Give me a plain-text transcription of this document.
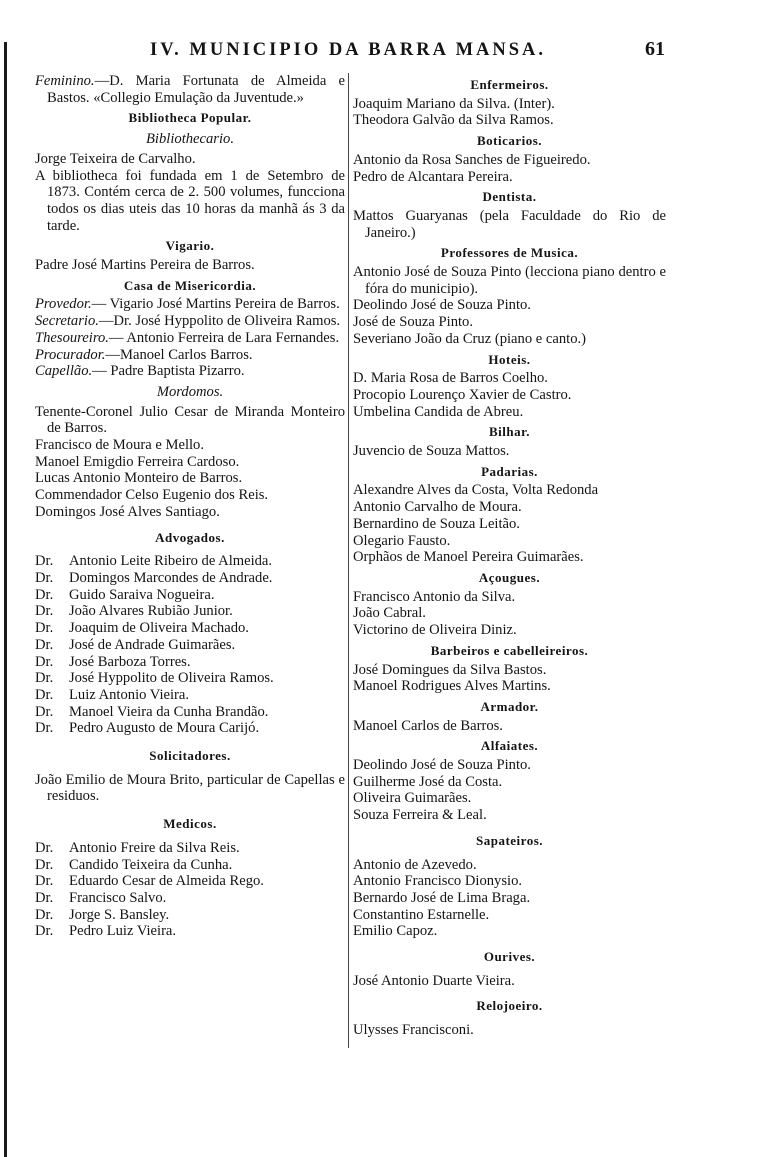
IV. MUNICIPIO DA BARRA MANSA.	61
Feminino.—D. Maria Fortunata de Almeida e Bastos. «Collegio Emulação da Juventude.»
Bibliotheca Popular.
Bibliothecario.
Jorge Teixeira de Carvalho.
A bibliotheca foi fundada em 1 de Setembro de 1873. Contém cerca de 2. 500 volumes, funcciona todos os dias uteis das 10 horas da manhã ás 3 da tarde.
Vigario.
Padre José Martins Pereira de Barros.
Casa de Misericordia.
Provedor.— Vigario José Martins Pereira de Barros.
Secretario.—Dr. José Hyppolito de Oliveira Ramos.
Thesoureiro.— Antonio Ferreira de Lara Fernandes.
Procurador.—Manoel Carlos Barros.
Capellão.— Padre Baptista Pizarro.
Mordomos.
Tenente-Coronel Julio Cesar de Miranda Monteiro de Barros.
Francisco de Moura e Mello.
Manoel Emigdio Ferreira Cardoso.
Lucas Antonio Monteiro de Barros.
Commendador Celso Eugenio dos Reis.
Domingos José Alves Santiago.
Advogados.
Dr. Antonio Leite Ribeiro de Almeida.
Dr. Domingos Marcondes de Andrade.
Dr. Guido Saraiva Nogueira.
Dr. João Alvares Rubião Junior.
Dr. Joaquim de Oliveira Machado.
Dr. José de Andrade Guimarães.
Dr. José Barboza Torres.
Dr. José Hyppolito de Oliveira Ramos.
Dr. Luiz Antonio Vieira.
Dr. Manoel Vieira da Cunha Brandão.
Dr. Pedro Augusto de Moura Carijó.
Solicitadores.
João Emilio de Moura Brito, particular de Capellas e residuos.
Medicos.
Dr. Antonio Freire da Silva Reis.
Dr. Candido Teixeira da Cunha.
Dr. Eduardo Cesar de Almeida Rego.
Dr. Francisco Salvo.
Dr. Jorge S. Bansley.
Dr. Pedro Luiz Vieira.
Enfermeiros.
Joaquim Mariano da Silva. (Inter).
Theodora Galvão da Silva Ramos.
Boticarios.
Antonio da Rosa Sanches de Figueiredo.
Pedro de Alcantara Pereira.
Dentista.
Mattos Guaryanas (pela Faculdade do Rio de Janeiro.)
Professores de Musica.
Antonio José de Souza Pinto (lecciona piano dentro e fóra do municipio).
Deolindo José de Souza Pinto.
José de Souza Pinto.
Severiano João da Cruz (piano e canto.)
Hoteis.
D. Maria Rosa de Barros Coelho.
Procopio Lourenço Xavier de Castro.
Umbelina Candida de Abreu.
Bilhar.
Juvencio de Souza Mattos.
Padarias.
Alexandre Alves da Costa, Volta Redonda
Antonio Carvalho de Moura.
Bernardino de Souza Leitão.
Olegario Fausto.
Orphãos de Manoel Pereira Guimarães.
Açougues.
Francisco Antonio da Silva.
João Cabral.
Victorino de Oliveira Diniz.
Barbeiros e cabelleireiros.
José Domingues da Silva Bastos.
Manoel Rodrigues Alves Martins.
Armador.
Manoel Carlos de Barros.
Alfaiates.
Deolindo José de Souza Pinto.
Guilherme José da Costa.
Oliveira Guimarães.
Souza Ferreira & Leal.
Sapateiros.
Antonio de Azevedo.
Antonio Francisco Dionysio.
Bernardo José de Lima Braga.
Constantino Estarnelle.
Emilio Capoz.
Ourives.
José Antonio Duarte Vieira.
Relojoeiro.
Ulysses Francisconi.
